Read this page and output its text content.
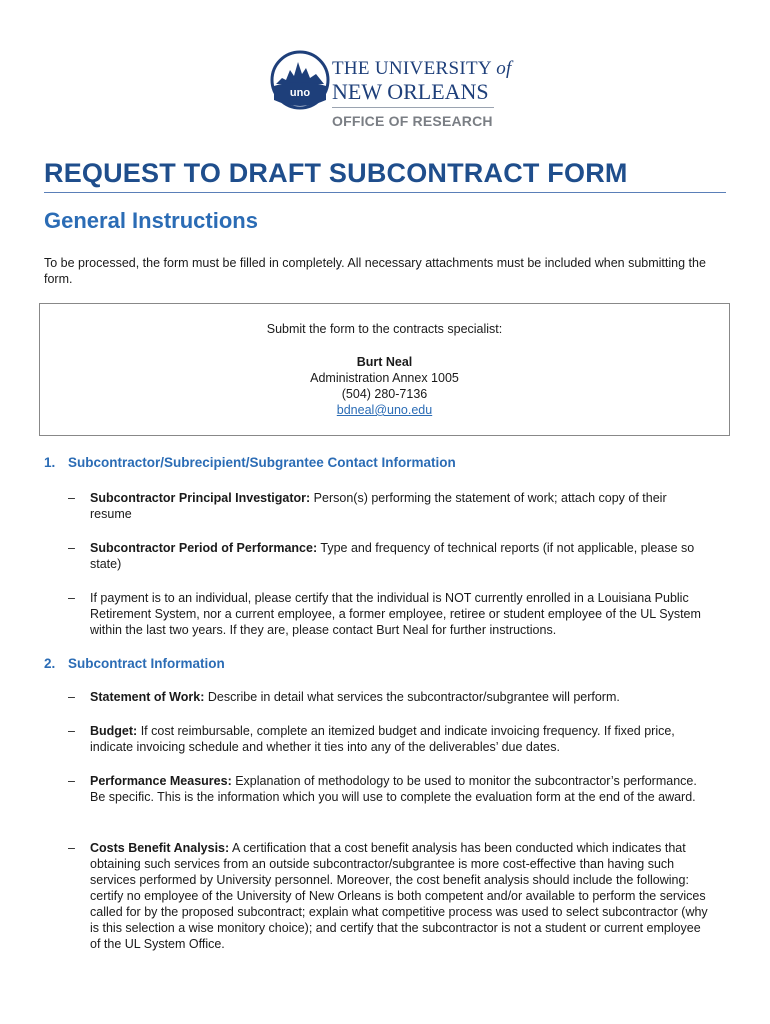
uno
THE UNIVERSITY of
NEW ORLEANS
OFFICE OF RESEARCH
REQUEST TO DRAFT SUBCONTRACT FORM
General Instructions
To be processed, the form must be filled in completely. All necessary attachments must be included when submitting the form.
Submit the form to the contracts specialist:
Burt Neal
Administration Annex 1005
(504) 280-7136
bdneal@uno.edu
1. Subcontractor/Subrecipient/Subgrantee Contact Information
– Subcontractor Principal Investigator: Person(s) performing the statement of work; attach copy of their resume
– Subcontractor Period of Performance: Type and frequency of technical reports (if not applicable, please so state)
– If payment is to an individual, please certify that the individual is NOT currently enrolled in a Louisiana Public Retirement System, nor a current employee, a former employee, retiree or student employee of the UL System within the last two years. If they are, please contact Burt Neal for further instructions.
2. Subcontract Information
– Statement of Work: Describe in detail what services the subcontractor/subgrantee will perform.
– Budget: If cost reimbursable, complete an itemized budget and indicate invoicing frequency. If fixed price, indicate invoicing schedule and whether it ties into any of the deliverables’ due dates.
– Performance Measures: Explanation of methodology to be used to monitor the subcontractor’s performance. Be specific. This is the information which you will use to complete the evaluation form at the end of the award.
– Costs Benefit Analysis: A certification that a cost benefit analysis has been conducted which indicates that obtaining such services from an outside subcontractor/subgrantee is more cost-effective than having such services performed by University personnel. Moreover, the cost benefit analysis should include the following: certify no employee of the University of New Orleans is both competent and/or available to perform the services called for by the proposed subcontract; explain what competitive process was used to select subcontractor (why is this selection a wise monitory choice); and certify that the subcontractor is not a student or current employee of the UL System Office.
